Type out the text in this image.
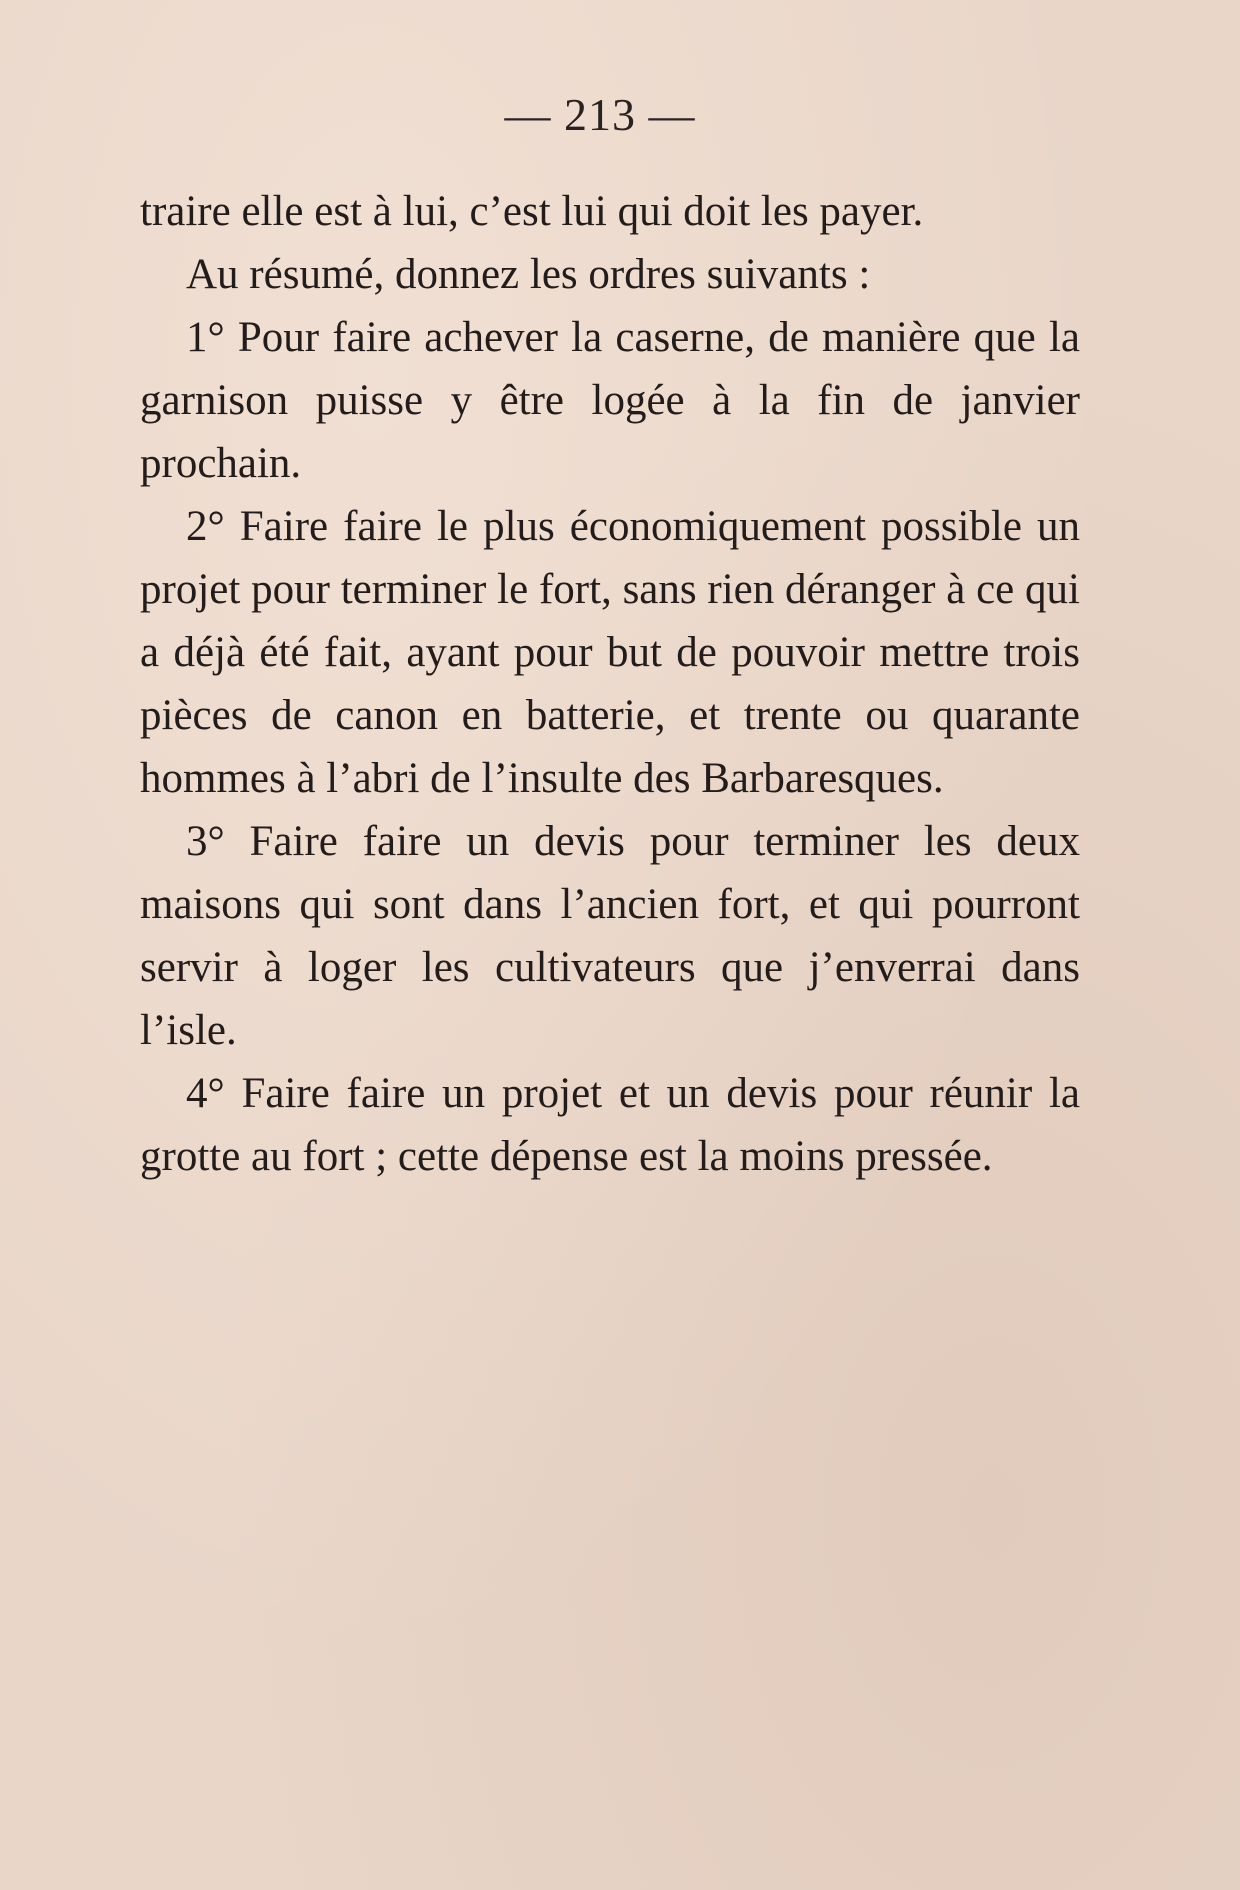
— 213 —

traire elle est à lui, c’est lui qui doit les payer.

Au résumé, donnez les ordres suivants :

1° Pour faire achever la caserne, de manière que la garnison puisse y être logée à la fin de janvier prochain.

2° Faire faire le plus économiquement possible un projet pour terminer le fort, sans rien déranger à ce qui a déjà été fait, ayant pour but de pouvoir mettre trois pièces de canon en batterie, et trente ou quarante hommes à l’abri de l’insulte des Barbaresques.

3° Faire faire un devis pour terminer les deux maisons qui sont dans l’ancien fort, et qui pourront servir à loger les cultivateurs que j’enverrai dans l’isle.

4° Faire faire un projet et un devis pour réunir la grotte au fort ; cette dépense est la moins pressée.
